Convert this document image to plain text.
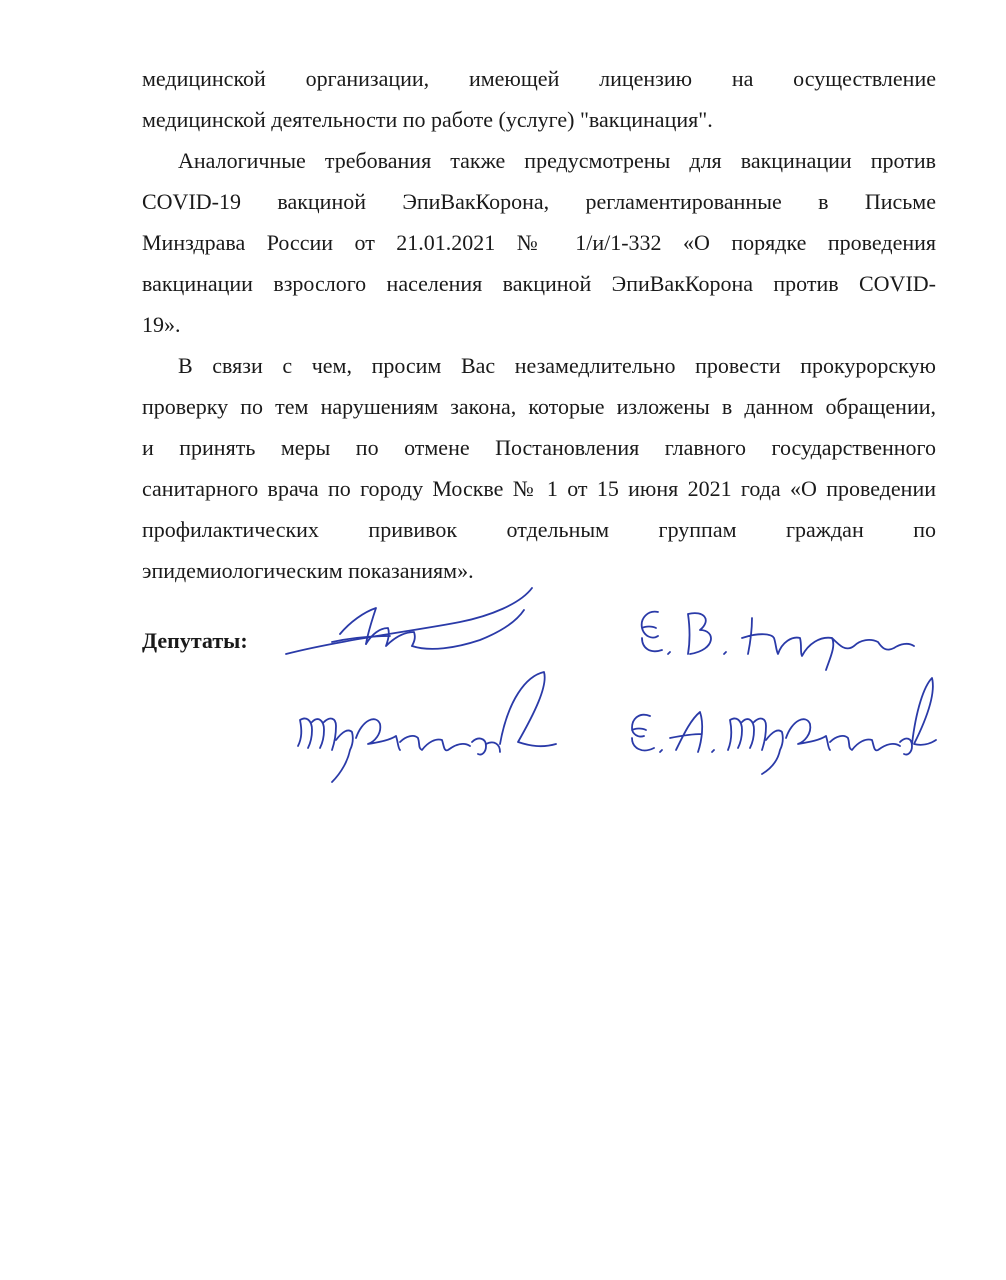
медицинской организации, имеющей лицензию на осуществление
медицинской деятельности по работе (услуге) "вакцинация".
Аналогичные требования также предусмотрены для вакцинации против
COVID-19 вакциной ЭпиВакКорона, регламентированные в Письме
Минздрава России от 21.01.2021 № 1/и/1-332 «О порядке проведения
вакцинации взрослого населения вакциной ЭпиВакКорона против COVID-
19».
В связи с чем, просим Вас незамедлительно провести прокурорскую
проверку по тем нарушениям закона, которые изложены в данном обращении,
и принять меры по отмене Постановления главного государственного
санитарного врача по городу Москве № 1 от 15 июня 2021 года «О проведении
профилактических прививок отдельным группам граждан по
эпидемиологическим показаниям».
Депутаты:
